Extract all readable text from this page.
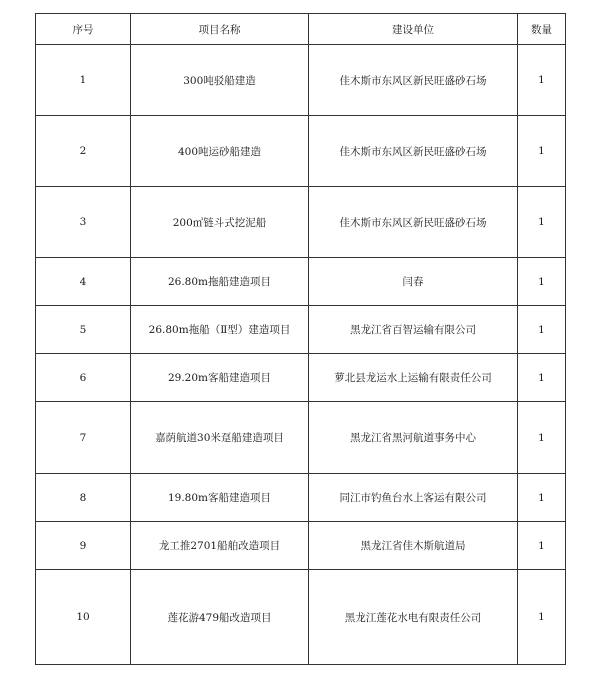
序号	项目名称	建设单位	数量
1	300吨驳船建造	佳木斯市东风区新民旺盛砂石场	1
2	400吨运砂船建造	佳木斯市东风区新民旺盛砂石场	1
3	200㎥链斗式挖泥船	佳木斯市东风区新民旺盛砂石场	1
4	26.80m拖船建造项目	闫春	1
5	26.80m拖船（Ⅱ型）建造项目	黑龙江省百智运输有限公司	1
6	29.20m客船建造项目	萝北县龙运水上运输有限责任公司	1
7	嘉荫航道30米趸船建造项目	黑龙江省黑河航道事务中心	1
8	19.80m客船建造项目	同江市钓鱼台水上客运有限公司	1
9	龙工推2701船舶改造项目	黑龙江省佳木斯航道局	1
10	莲花游479船改造项目	黑龙江莲花水电有限责任公司	1
